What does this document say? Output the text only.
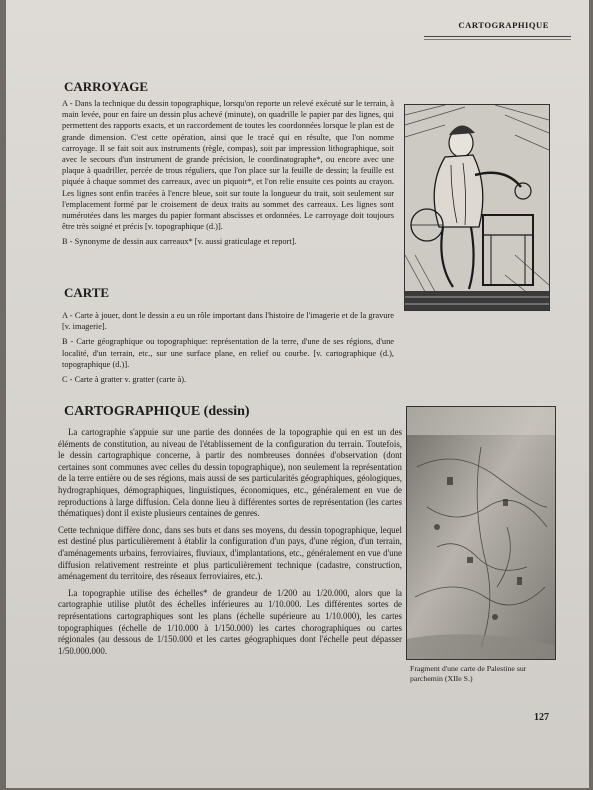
CARTOGRAPHIQUE
CARROYAGE

A - Dans la technique du dessin topographique, lorsqu'on reporte un relevé exécuté sur le terrain, à main levée, pour en faire un dessin plus achevé (minute), on quadrille le papier par des lignes, qui permettent des rapports exacts, et un raccordement de toutes les coordonnées lorsque le plan est de grande dimension. C'est cette opération, ainsi que le tracé qui en résulte, que l'on nomme carroyage. Il se fait soit aux instruments (règle, compas), soit par impression lithographique, soit avec le secours d'un instrument de grande précision, le coordinatographe*, ou encore avec une plaque à quadriller, percée de trous réguliers, que l'on place sur la feuille de dessin; la feuille est piquée à chaque sommet des carreaux, avec un piquoir*, et l'on relie ensuite ces points au crayon. Les lignes sont enfin tracées à l'encre bleue, soit sur toute la longueur du trait, soit seulement sur l'emplacement formé par le croisement de deux traits au sommet des carreaux. Les lignes sont numérotées dans les marges du papier formant abscisses et ordonnées. Le carroyage doit toujours être très soigné et précis [v. topographique (d.)].

B - Synonyme de dessin aux carreaux* [v. aussi graticulage et report].

CARTE

A - Carte à jouer, dont le dessin a eu un rôle important dans l'histoire de l'imagerie et de la gravure [v. imagerie].

B - Carte géographique ou topographique: représentation de la terre, d'une de ses régions, d'une localité, d'un terrain, etc., sur une surface plane, en relief ou courbe. [v. cartographique (d.), topographique (d.)].

C - Carte à gratter v. gratter (carte à).

CARTOGRAPHIQUE (dessin)

La cartographie s'appuie sur une partie des données de la topographie qui en est un des éléments de constitution, au niveau de l'établissement de la configuration du terrain. Toutefois, le dessin cartographique concerne, à partir des nombreuses données d'observation (dont certaines sont communes avec celles du dessin topographique), non seulement la représentation de la terre entière ou de ses régions, mais aussi de ses particularités géographiques, géologiques, hydrographiques, démographiques, linguistiques, économiques, etc., généralement en vue de reproductions à large diffusion. Cela donne lieu à différentes sortes de représentation (les cartes thématiques) dont il existe plusieurs centaines de genres.

Cette technique diffère donc, dans ses buts et dans ses moyens, du dessin topographique, lequel est destiné plus particulièrement à établir la configuration d'un pays, d'une région, d'un terrain, d'aménagements urbains, ferroviaires, fluviaux, d'implantations, etc., généralement en vue d'une diffusion relativement restreinte et plus particulièrement technique (cadastre, construction, aménagement du territoire, des réseaux ferroviaires, etc.).

La topographie utilise des échelles* de grandeur de 1/200 au 1/20.000, alors que la cartographie utilise plutôt des échelles inférieures au 1/10.000. Les différentes sortes de représentations cartographiques sont les plans (échelle supérieure au 1/10.000), les cartes topographiques (échelle de 1/10.000 à 1/150.000) les cartes chorographiques ou cartes régionales (au dessous de 1/150.000 et les cartes géographiques dont l'échelle peut dépasser 1/50.000.000.

Fragment d'une carte de Palestine sur parchemin (XIIe S.)
127
